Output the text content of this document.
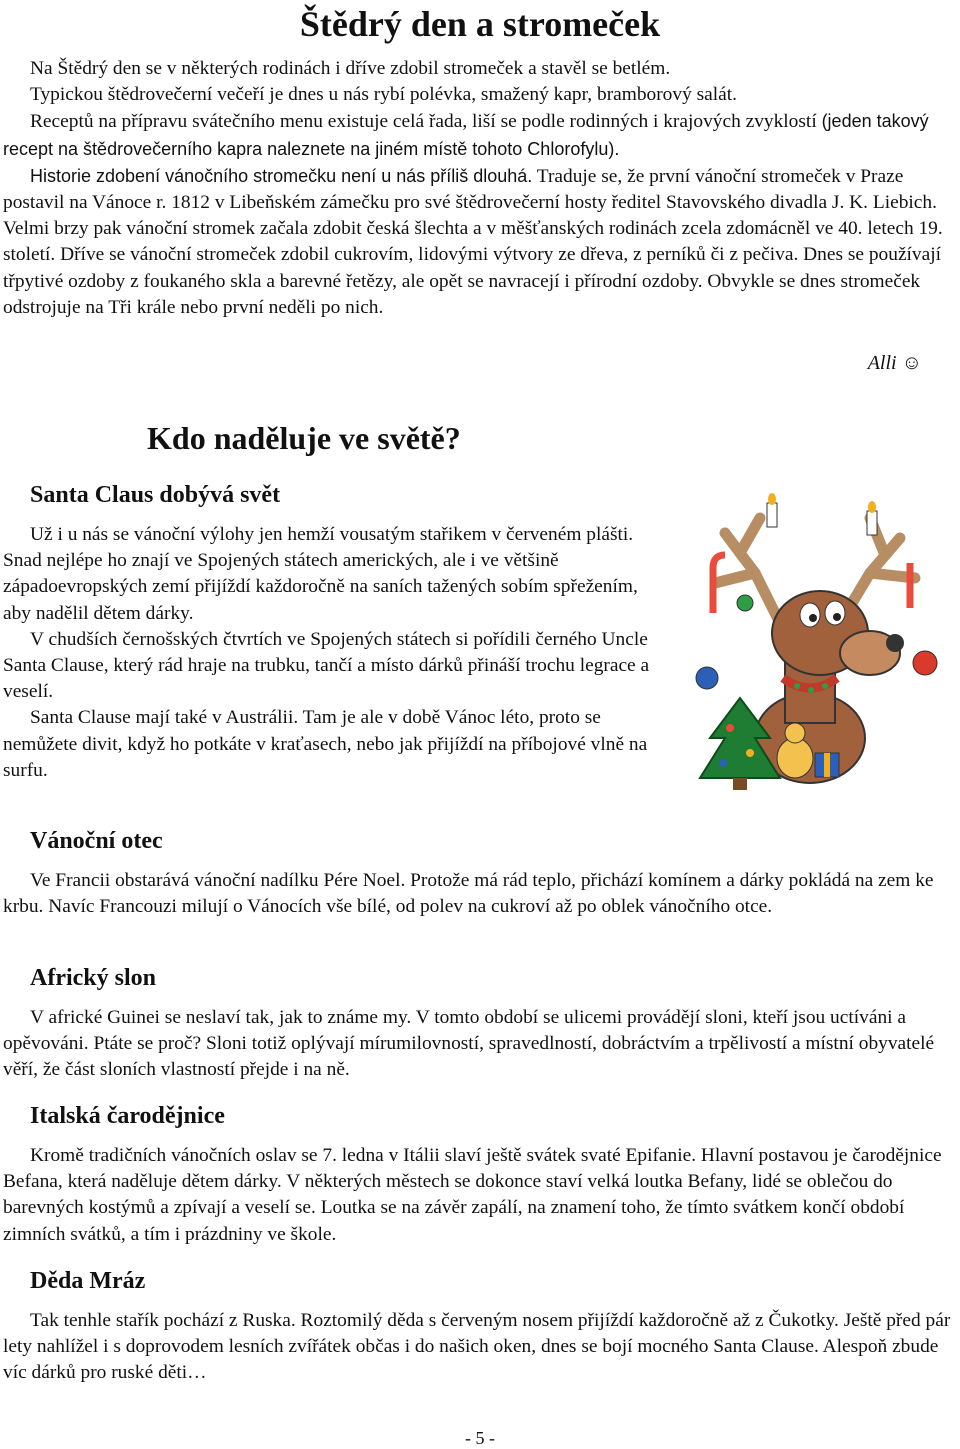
Štědrý den a stromeček

Na Štědrý den se v některých rodinách i dříve zdobil stromeček a stavěl se betlém.

Typickou štědrovečerní večeří je dnes u nás rybí polévka, smažený kapr, bramborový salát.

Receptů na přípravu svátečního menu existuje celá řada, liší se podle rodinných i krajových zvyklostí (jeden takový recept na štědrovečerního kapra naleznete na jiném místě tohoto Chlorofylu).

Historie zdobení vánočního stromečku není u nás příliš dlouhá. Traduje se, že první vánoční stromeček v Praze postavil na Vánoce r. 1812 v Libeňském zámečku pro své štědrovečerní hosty ředitel Stavovského divadla J. K. Liebich. Velmi brzy pak vánoční stromek začala zdobit česká šlechta a v měšťanských rodinách zcela zdomácněl ve 40. letech 19. století. Dříve se vánoční stromeček zdobil cukrovím, lidovými výtvory ze dřeva, z perníků či z pečiva. Dnes se používají třpytivé ozdoby z foukaného skla a barevné řetězy, ale opět se navracejí i přírodní ozdoby. Obvykle se dnes stromeček odstrojuje na Tři krále nebo první neděli po nich.

Alli ☺
Kdo naděluje ve světě?
Santa Claus dobývá svět

Už i u nás se vánoční výlohy jen hemží vousatým stařikem v červeném plášti. Snad nejlépe ho znají ve Spojených státech amerických, ale i ve většině západoevropských zemí přijíždí každoročně na saních tažených sobím spřežením, aby nadělil dětem dárky.

V chudších černošských čtvrtích ve Spojených státech si pořídili černého Uncle Santa Clause, který rád hraje na trubku, tančí a místo dárků přináší trochu legrace a veselí.

Santa Clause mají také v Austrálii. Tam je ale v době Vánoc léto, proto se nemůžete divit, když ho potkáte v kraťasech, nebo jak přijíždí na příbojové vlně na surfu.

Vánoční otec

Ve Francii obstarává vánoční nadílku Pére Noel. Protože má rád teplo, přichází komínem a dárky pokládá na zem ke krbu. Navíc Francouzi milují o Vánocích vše bílé, od polev na cukroví až po oblek vánočního otce.

Africký slon

V africké Guinei se neslaví tak, jak to známe my. V tomto období se ulicemi provádějí sloni, kteří jsou uctíváni a opěvováni. Ptáte se proč? Sloni totiž oplývají mírumilovností, spravedlností, dobráctvím a trpělivostí a místní obyvatelé věří, že část sloních vlastností přejde i na ně.

Italská čarodějnice

Kromě tradičních vánočních oslav se 7. ledna v Itálii slaví ještě svátek svaté Epifanie. Hlavní postavou je čarodějnice Befana, která naděluje dětem dárky. V některých městech se dokonce staví velká loutka Befany, lidé se oblečou do barevných kostýmů a zpívají a veselí se. Loutka se na závěr zapálí, na znamení toho, že tímto svátkem končí období zimních svátků, a tím i prázdniny ve škole.

Děda Mráz

Tak tenhle stařík pochází z Ruska. Roztomilý děda s červeným nosem přijíždí každoročně až z Čukotky. Ještě před pár lety nahlížel i s doprovodem lesních zvířátek občas i do našich oken, dnes se bojí mocného Santa Clause. Alespoň zbude víc dárků pro ruské děti…

- 5 -
